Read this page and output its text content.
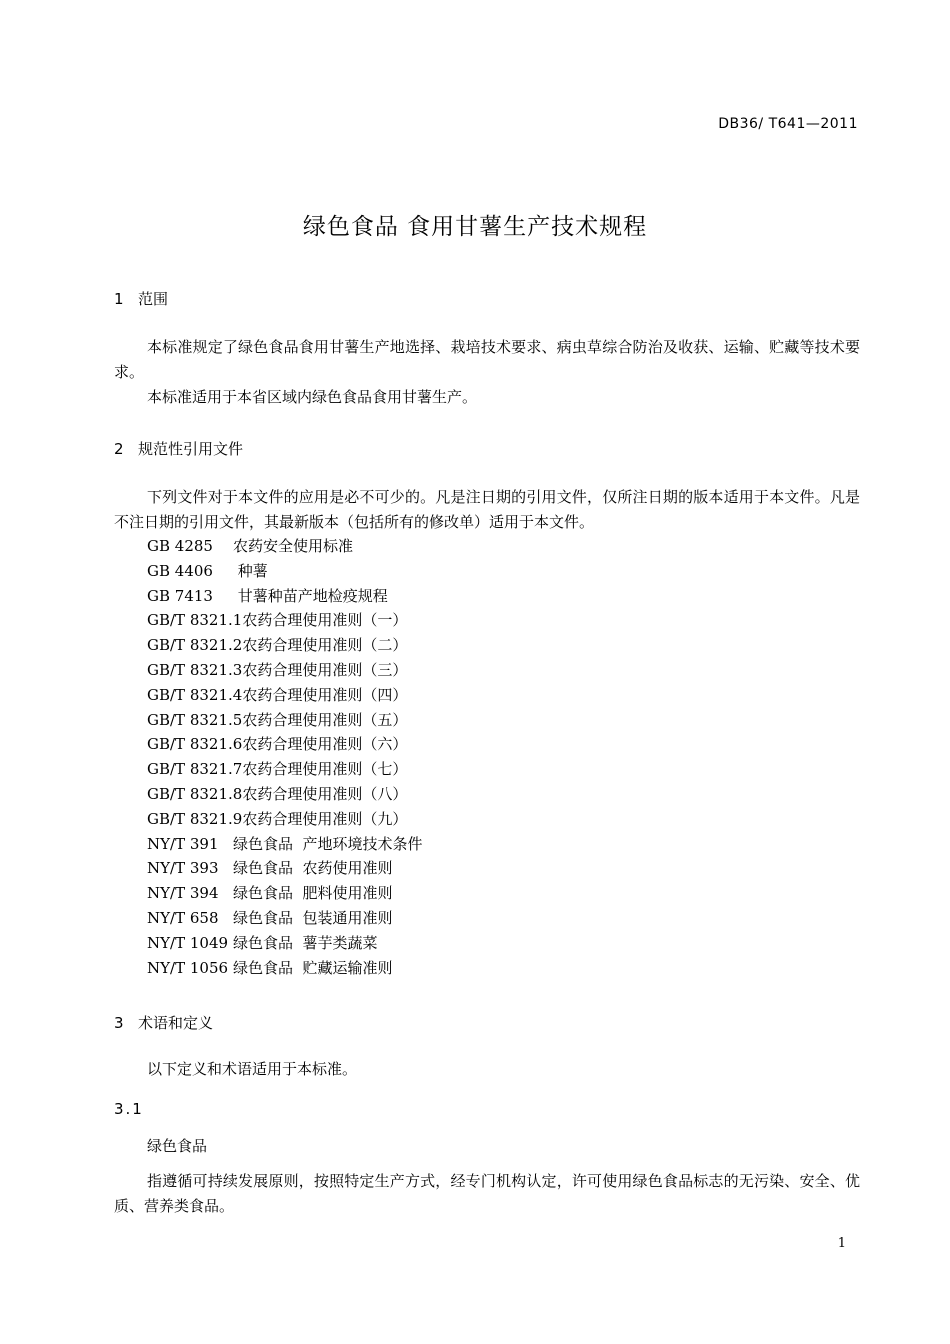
DB36/ T641—2011
绿色食品 食用甘薯生产技术规程
1 范围
本标准规定了绿色食品食用甘薯生产地选择、栽培技术要求、病虫草综合防治及收获、运输、贮藏等技术要求。
本标准适用于本省区域内绿色食品食用甘薯生产。
2 规范性引用文件
下列文件对于本文件的应用是必不可少的。凡是注日期的引用文件，仅所注日期的版本适用于本文件。凡是不注日期的引用文件，其最新版本（包括所有的修改单）适用于本文件。
GB 4285 农药安全使用标准
GB 4406 种薯
GB 7413 甘薯种苗产地检疫规程
GB/T 8321.1农药合理使用准则（一）
GB/T 8321.2农药合理使用准则（二）
GB/T 8321.3农药合理使用准则（三）
GB/T 8321.4农药合理使用准则（四）
GB/T 8321.5农药合理使用准则（五）
GB/T 8321.6农药合理使用准则（六）
GB/T 8321.7农药合理使用准则（七）
GB/T 8321.8农药合理使用准则（八）
GB/T 8321.9农药合理使用准则（九）
NY/T 391 绿色食品  产地环境技术条件
NY/T 393 绿色食品  农药使用准则
NY/T 394 绿色食品  肥料使用准则
NY/T 658 绿色食品  包装通用准则
NY/T 1049 绿色食品  薯芋类蔬菜
NY/T 1056 绿色食品  贮藏运输准则
3 术语和定义
以下定义和术语适用于本标准。
3.1
绿色食品
指遵循可持续发展原则，按照特定生产方式，经专门机构认定，许可使用绿色食品标志的无污染、安全、优质、营养类食品。
1
